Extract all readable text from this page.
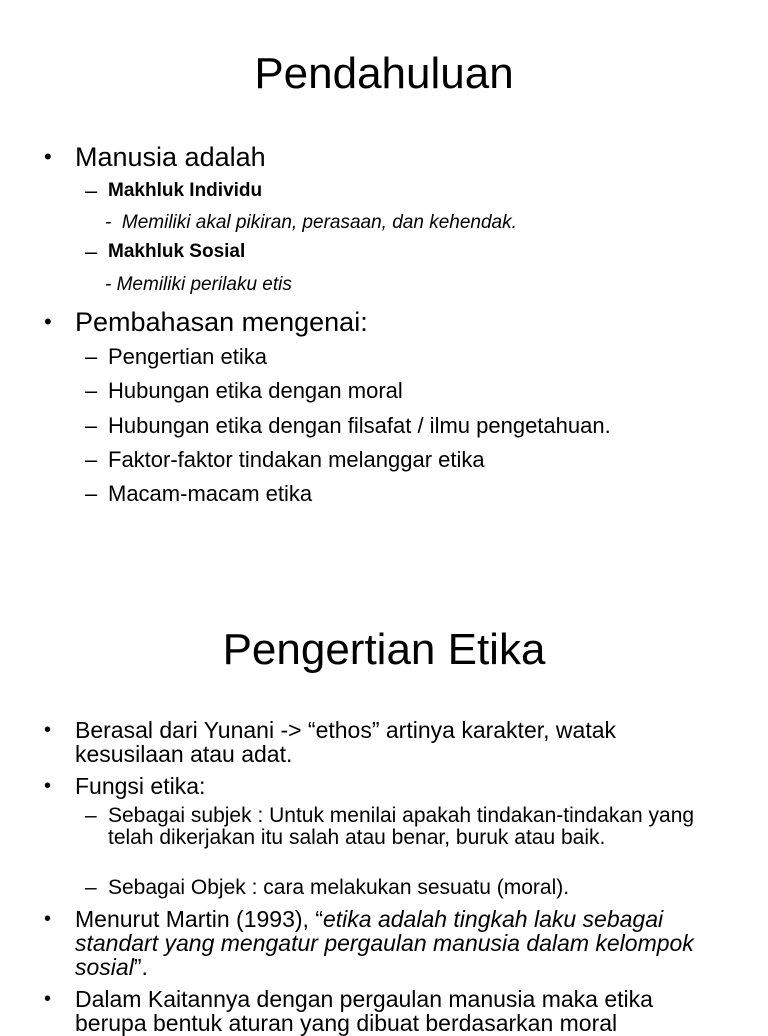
Pendahuluan
• Manusia adalah
– Makhluk Individu
-  Memiliki akal pikiran, perasaan, dan kehendak.
– Makhluk Sosial
- Memiliki perilaku etis
• Pembahasan mengenai:
– Pengertian etika
– Hubungan etika dengan moral
– Hubungan etika dengan filsafat / ilmu pengetahuan.
– Faktor-faktor tindakan melanggar etika
– Macam-macam etika
Pengertian Etika
• Berasal dari Yunani -> “ethos” artinya karakter, watak kesusilaan atau adat.
• Fungsi etika:
– Sebagai subjek : Untuk menilai apakah tindakan-tindakan yang telah dikerjakan itu salah atau benar, buruk atau baik.
– Sebagai Objek : cara melakukan sesuatu (moral).
• Menurut Martin (1993), “etika adalah tingkah laku sebagai standart yang mengatur pergaulan manusia dalam kelompok sosial”.
• Dalam Kaitannya dengan pergaulan manusia maka etika berupa bentuk aturan yang dibuat berdasarkan moral
